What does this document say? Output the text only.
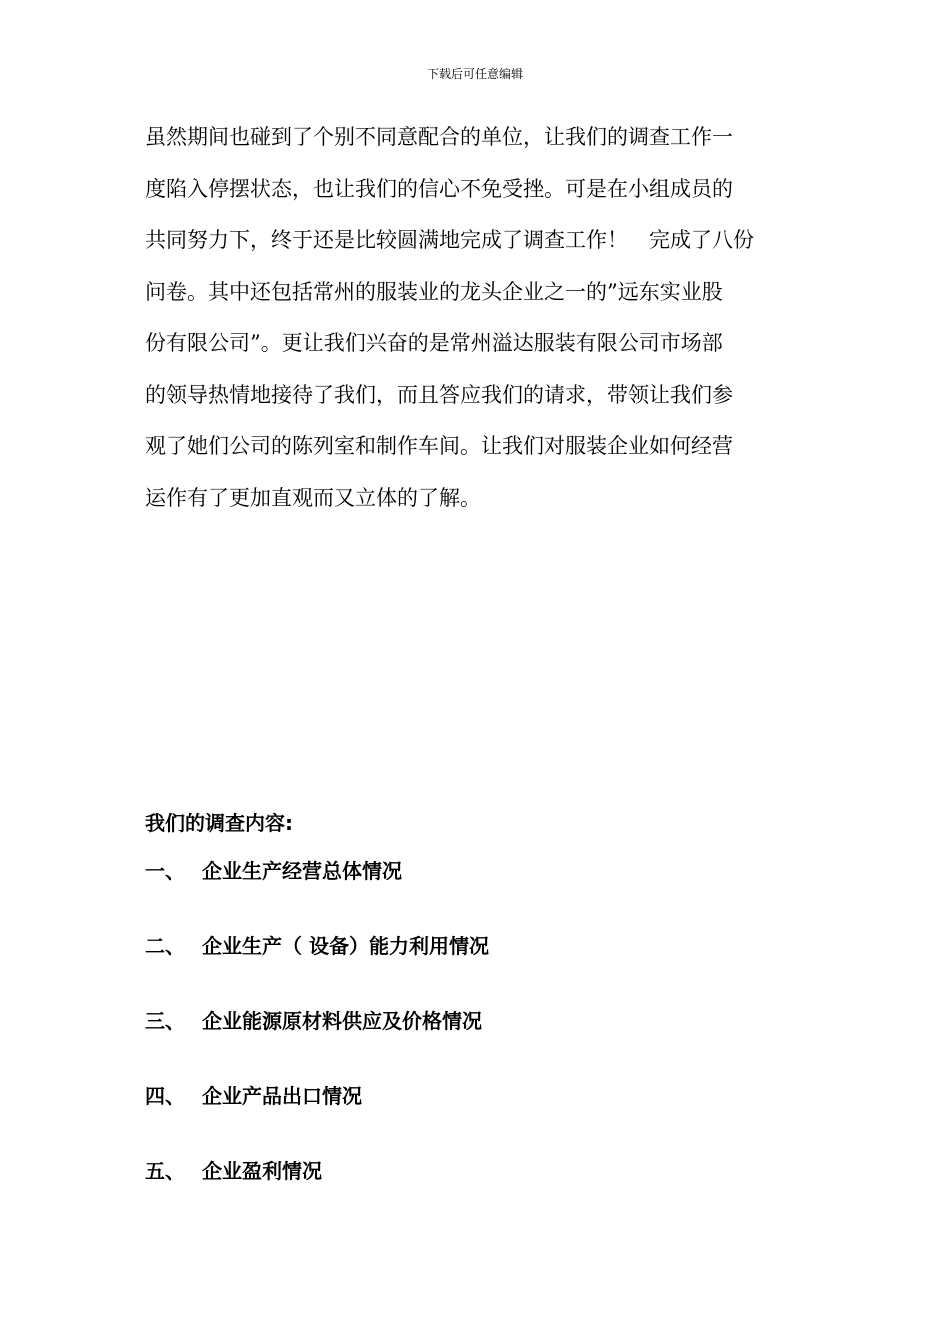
下载后可任意编辑
虽然期间也碰到了个别不同意配合的单位，让我们的调查工作一
度陷入停摆状态，也让我们的信心不免受挫。可是在小组成员的
共同努力下，终于还是比较圆满地完成了调查工作！　完成了八份
问卷。其中还包括常州的服装业的龙头企业之一的”远东实业股
份有限公司”。更让我们兴奋的是常州溢达服装有限公司市场部
的领导热情地接待了我们，而且答应我们的请求，带领让我们参
观了她们公司的陈列室和制作车间。让我们对服装企业如何经营
运作有了更加直观而又立体的了解。
我们的调查内容:
一、 企业生产经营总体情况
二、 企业生产（ 设备）能力利用情况
三、 企业能源原材料供应及价格情况
四、 企业产品出口情况
五、 企业盈利情况
